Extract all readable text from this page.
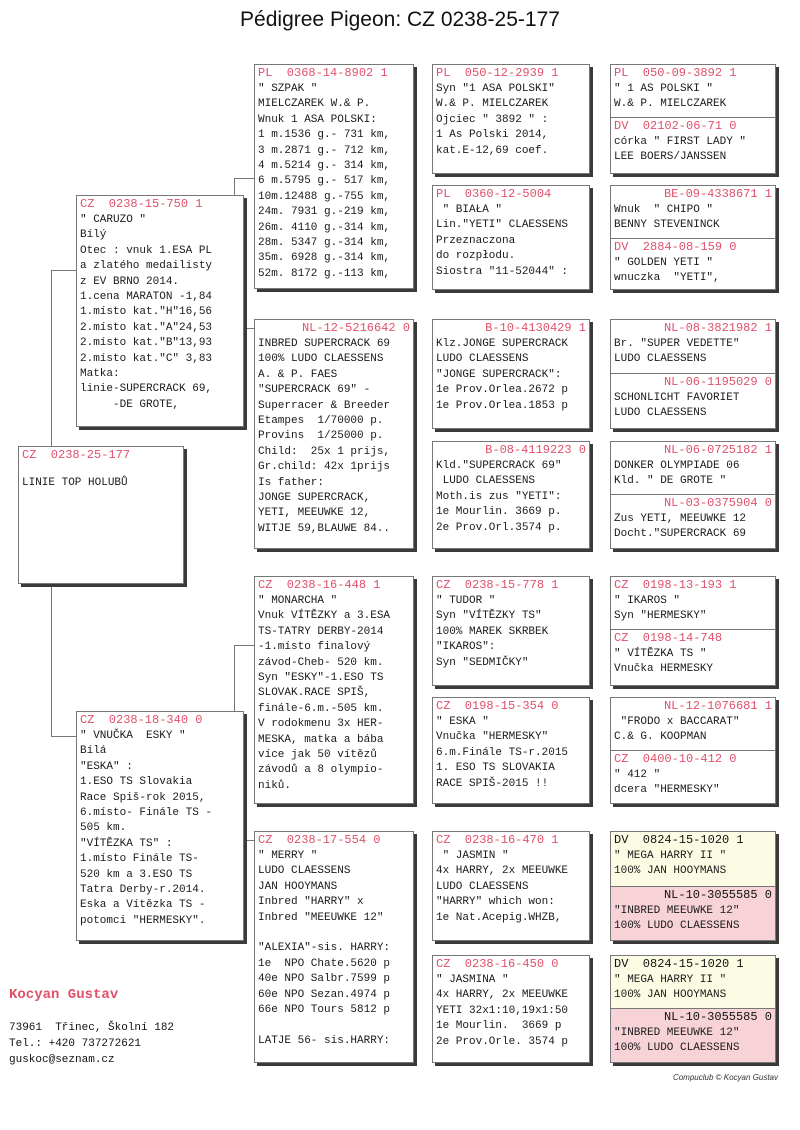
Pédigree Pigeon: CZ 0238-25-177
CZ  0238-25-177
LINIE TOP HOLUBŮ
CZ  0238-15-750 1
" CARUZO "
Bílý
Otec : vnuk 1.ESA PL
a zlatého medailisty
z EV BRNO 2014.
1.cena MARATON -1,84
1.místo kat."H"16,56
2.místo kat."A"24,53
2.místo kat."B"13,93
2.místo kat."C" 3,83
Matka:
linie-SUPERCRACK 69,
-DE GROTE,
CZ  0238-18-340 0
" VNUČKA  ESKY "
Bílá
"ESKA" :
1.ESO TS Slovakia
Race Spiš-rok 2015,
6.místo- Finále TS -
505 km.
"VÍTĚZKA TS" :
1.místo Finále TS-
520 km a 3.ESO TS
Tatra Derby-r.2014.
Eska a Vítězka TS -
potomci "HERMESKY".
PL  0368-14-8902 1
" SZPAK "
MIELCZAREK W.& P.
Wnuk 1 ASA POLSKI:
1 m.1536 g.- 731 km,
3 m.2871 g.- 712 km,
4 m.5214 g.- 314 km,
6 m.5795 g.- 517 km,
10m.12488 g.-755 km,
24m. 7931 g.-219 km,
26m. 4110 g.-314 km,
28m. 5347 g.-314 km,
35m. 6928 g.-314 km,
52m. 8172 g.-113 km,
NL-12-5216642 0
INBRED SUPERCRACK 69
100% LUDO CLAESSENS
A. & P. FAES
"SUPERCRACK 69" -
Superracer & Breeder
Etampes  1/70000 p.
Provins  1/25000 p.
Child:  25x 1 prijs,
Gr.child: 42x 1prijs
Is father:
JONGE SUPERCRACK,
YETI, MEEUWKE 12,
WITJE 59,BLAUWE 84..
CZ  0238-16-448 1
" MONARCHA "
Vnuk VÍTĚZKY a 3.ESA
TS-TATRY DERBY-2014
-1.místo finalový
závod-Cheb- 520 km.
Syn "ESKY"-1.ESO TS
SLOVAK.RACE SPIŠ,
finále-6.m.-505 km.
V rodokmenu 3x HER-
MESKA, matka a bába
více jak 50 vítězů
závodů a 8 olympio-
niků.
CZ  0238-17-554 0
" MERRY "
LUDO CLAESSENS
JAN HOOYMANS
Inbred "HARRY" x
Inbred "MEEUWKE 12"

"ALEXIA"-sis. HARRY:
1e  NPO Chate.5620 p
40e NPO Salbr.7599 p
60e NPO Sezan.4974 p
66e NPO Tours 5812 p

LATJE 56- sis.HARRY:
PL  050-12-2939 1
Syn "1 ASA POLSKI"
W.& P. MIELCZAREK
Ojciec " 3892 " :
1 As Polski 2014,
kat.E-12,69 coef.
PL  0360-12-5004
" BIAŁA "
Lin."YETI" CLAESSENS
Przeznaczona
do rozpłodu.
Siostra "11-52044" :
B-10-4130429 1
Klz.JONGE SUPERCRACK
LUDO CLAESSENS
"JONGE SUPERCRACK":
1e Prov.Orlea.2672 p
1e Prov.Orlea.1853 p
B-08-4119223 0
Kld."SUPERCRACK 69"
LUDO CLAESSENS
Moth.is zus "YETI":
1e Mourlin. 3669 p.
2e Prov.Orl.3574 p.
CZ  0238-15-778 1
" TUDOR "
Syn "VÍTĚZKY TS"
100% MAREK SKRBEK
"IKAROS":
Syn "SEDMIČKY"
CZ  0198-15-354 0
" ESKA "
Vnučka "HERMESKY"
6.m.Finále TS-r.2015
1. ESO TS SLOVAKIA
RACE SPIŠ-2015 !!
CZ  0238-16-470 1
" JASMIN "
4x HARRY, 2x MEEUWKE
LUDO CLAESSENS
"HARRY" which won:
1e Nat.Acepig.WHZB,
CZ  0238-16-450 0
" JASMINA "
4x HARRY, 2x MEEUWKE
YETI 32x1:10,19x1:50
1e Mourlin.  3669 p
2e Prov.Orle. 3574 p
PL  050-09-3892 1
" 1 AS POLSKI "
W.& P. MIELCZAREK
DV  02102-06-71 0
córka " FIRST LADY "
LEE BOERS/JANSSEN
BE-09-4338671 1
Wnuk  " CHIPO "
BENNY STEVENINCK
DV  2884-08-159 0
" GOLDEN YETI "
wnuczka  "YETI",
NL-08-3821982 1
Br. "SUPER VEDETTE"
LUDO CLAESSENS
NL-06-1195029 0
SCHONLICHT FAVORIET
LUDO CLAESSENS
NL-06-0725182 1
DONKER OLYMPIADE 06
Kld. " DE GROTE "
NL-03-0375904 0
Zus YETI, MEEUWKE 12
Docht."SUPERCRACK 69
CZ  0198-13-193 1
" IKAROS "
Syn "HERMESKY"
CZ  0198-14-748
" VÍTĚZKA TS "
Vnučka HERMESKY
NL-12-1076681 1
"FRODO x BACCARAT"
C.& G. KOOPMAN
CZ  0400-10-412 0
" 412 "
dcera "HERMESKY"
DV  0824-15-1020 1
" MEGA HARRY II "
100% JAN HOOYMANS
NL-10-3055585 0
"INBRED MEEUWKE 12"
100% LUDO CLAESSENS
DV  0824-15-1020 1
" MEGA HARRY II "
100% JAN HOOYMANS
NL-10-3055585 0
"INBRED MEEUWKE 12"
100% LUDO CLAESSENS
Kocyan Gustav
73961  Třinec, Školní 182
Tel.: +420 737272621
guskoc@seznam.cz
Compuclub © Kocyan Gustav
